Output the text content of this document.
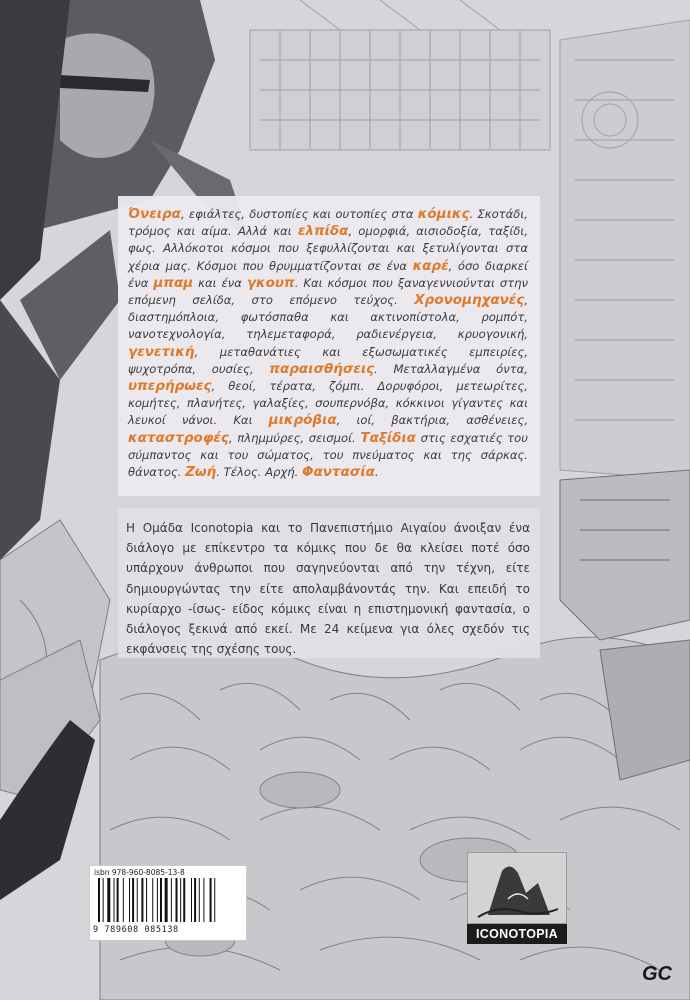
Όνειρα, εφιάλτες, δυστοπίες και ουτοπίες στα κόμικς. Σκοτάδι, τρόμος και αίμα. Αλλά και ελπίδα, ομορφιά, αισιοδοξία, ταξίδι, φως. Αλλόκοτοι κόσμοι που ξεφυλλίζονται και ξετυλίγονται στα χέρια μας. Κόσμοι που θρυμματίζονται σε ένα καρέ, όσο διαρκεί ένα μπαμ και ένα γκουπ. Και κόσμοι που ξαναγεννιούνται στην επόμενη σελίδα, στο επόμενο τεύχος. Χρονομηχανές, διαστημόπλοια, φωτόσπαθα και ακτινοπίστολα, ρομπότ, νανοτεχνολογία, τηλεμεταφορά, ραδιενέργεια, κρυογονική, γενετική, μεταθανάτιες και εξωσωματικές εμπειρίες, ψυχοτρόπα, ουσίες, παραισθήσεις. Μεταλλαγμένα όντα, υπερήρωες, θεοί, τέρατα, ζόμπι. Δορυφόροι, μετεωρίτες, κομήτες, πλανήτες, γαλαξίες, σουπερνόβα, κόκκινοι γίγαντες και λευκοί νάνοι. Και μικρόβια, ιοί, βακτήρια, ασθένειες, καταστροφές, πλημμύρες, σεισμοί. Ταξίδια στις εσχατιές του σύμπαντος και του σώματος, του πνεύματος και της σάρκας. θάνατος. Ζωή. Τέλος. Αρχή. Φαντασία.
Η Ομάδα Iconotopia και το Πανεπιστήμιο Αιγαίου άνοιξαν ένα διάλογο με επίκεντρο τα κόμικς που δε θα κλείσει ποτέ όσο υπάρχουν άνθρωποι που σαγηνεύονται από την τέχνη, είτε δημιουργώντας την είτε απολαμβάνοντάς την. Και επειδή το κυρίαρχο -ίσως- είδος κόμικς είναι η επιστημονική φαντασία, ο διάλογος ξεκινά από εκεί. Με 24 κείμενα για όλες σχεδόν τις εκφάνσεις της σχέσης τους.
isbn 978-960-8085-13-8
9 789608 085138	ICONOTOPIA
GC
